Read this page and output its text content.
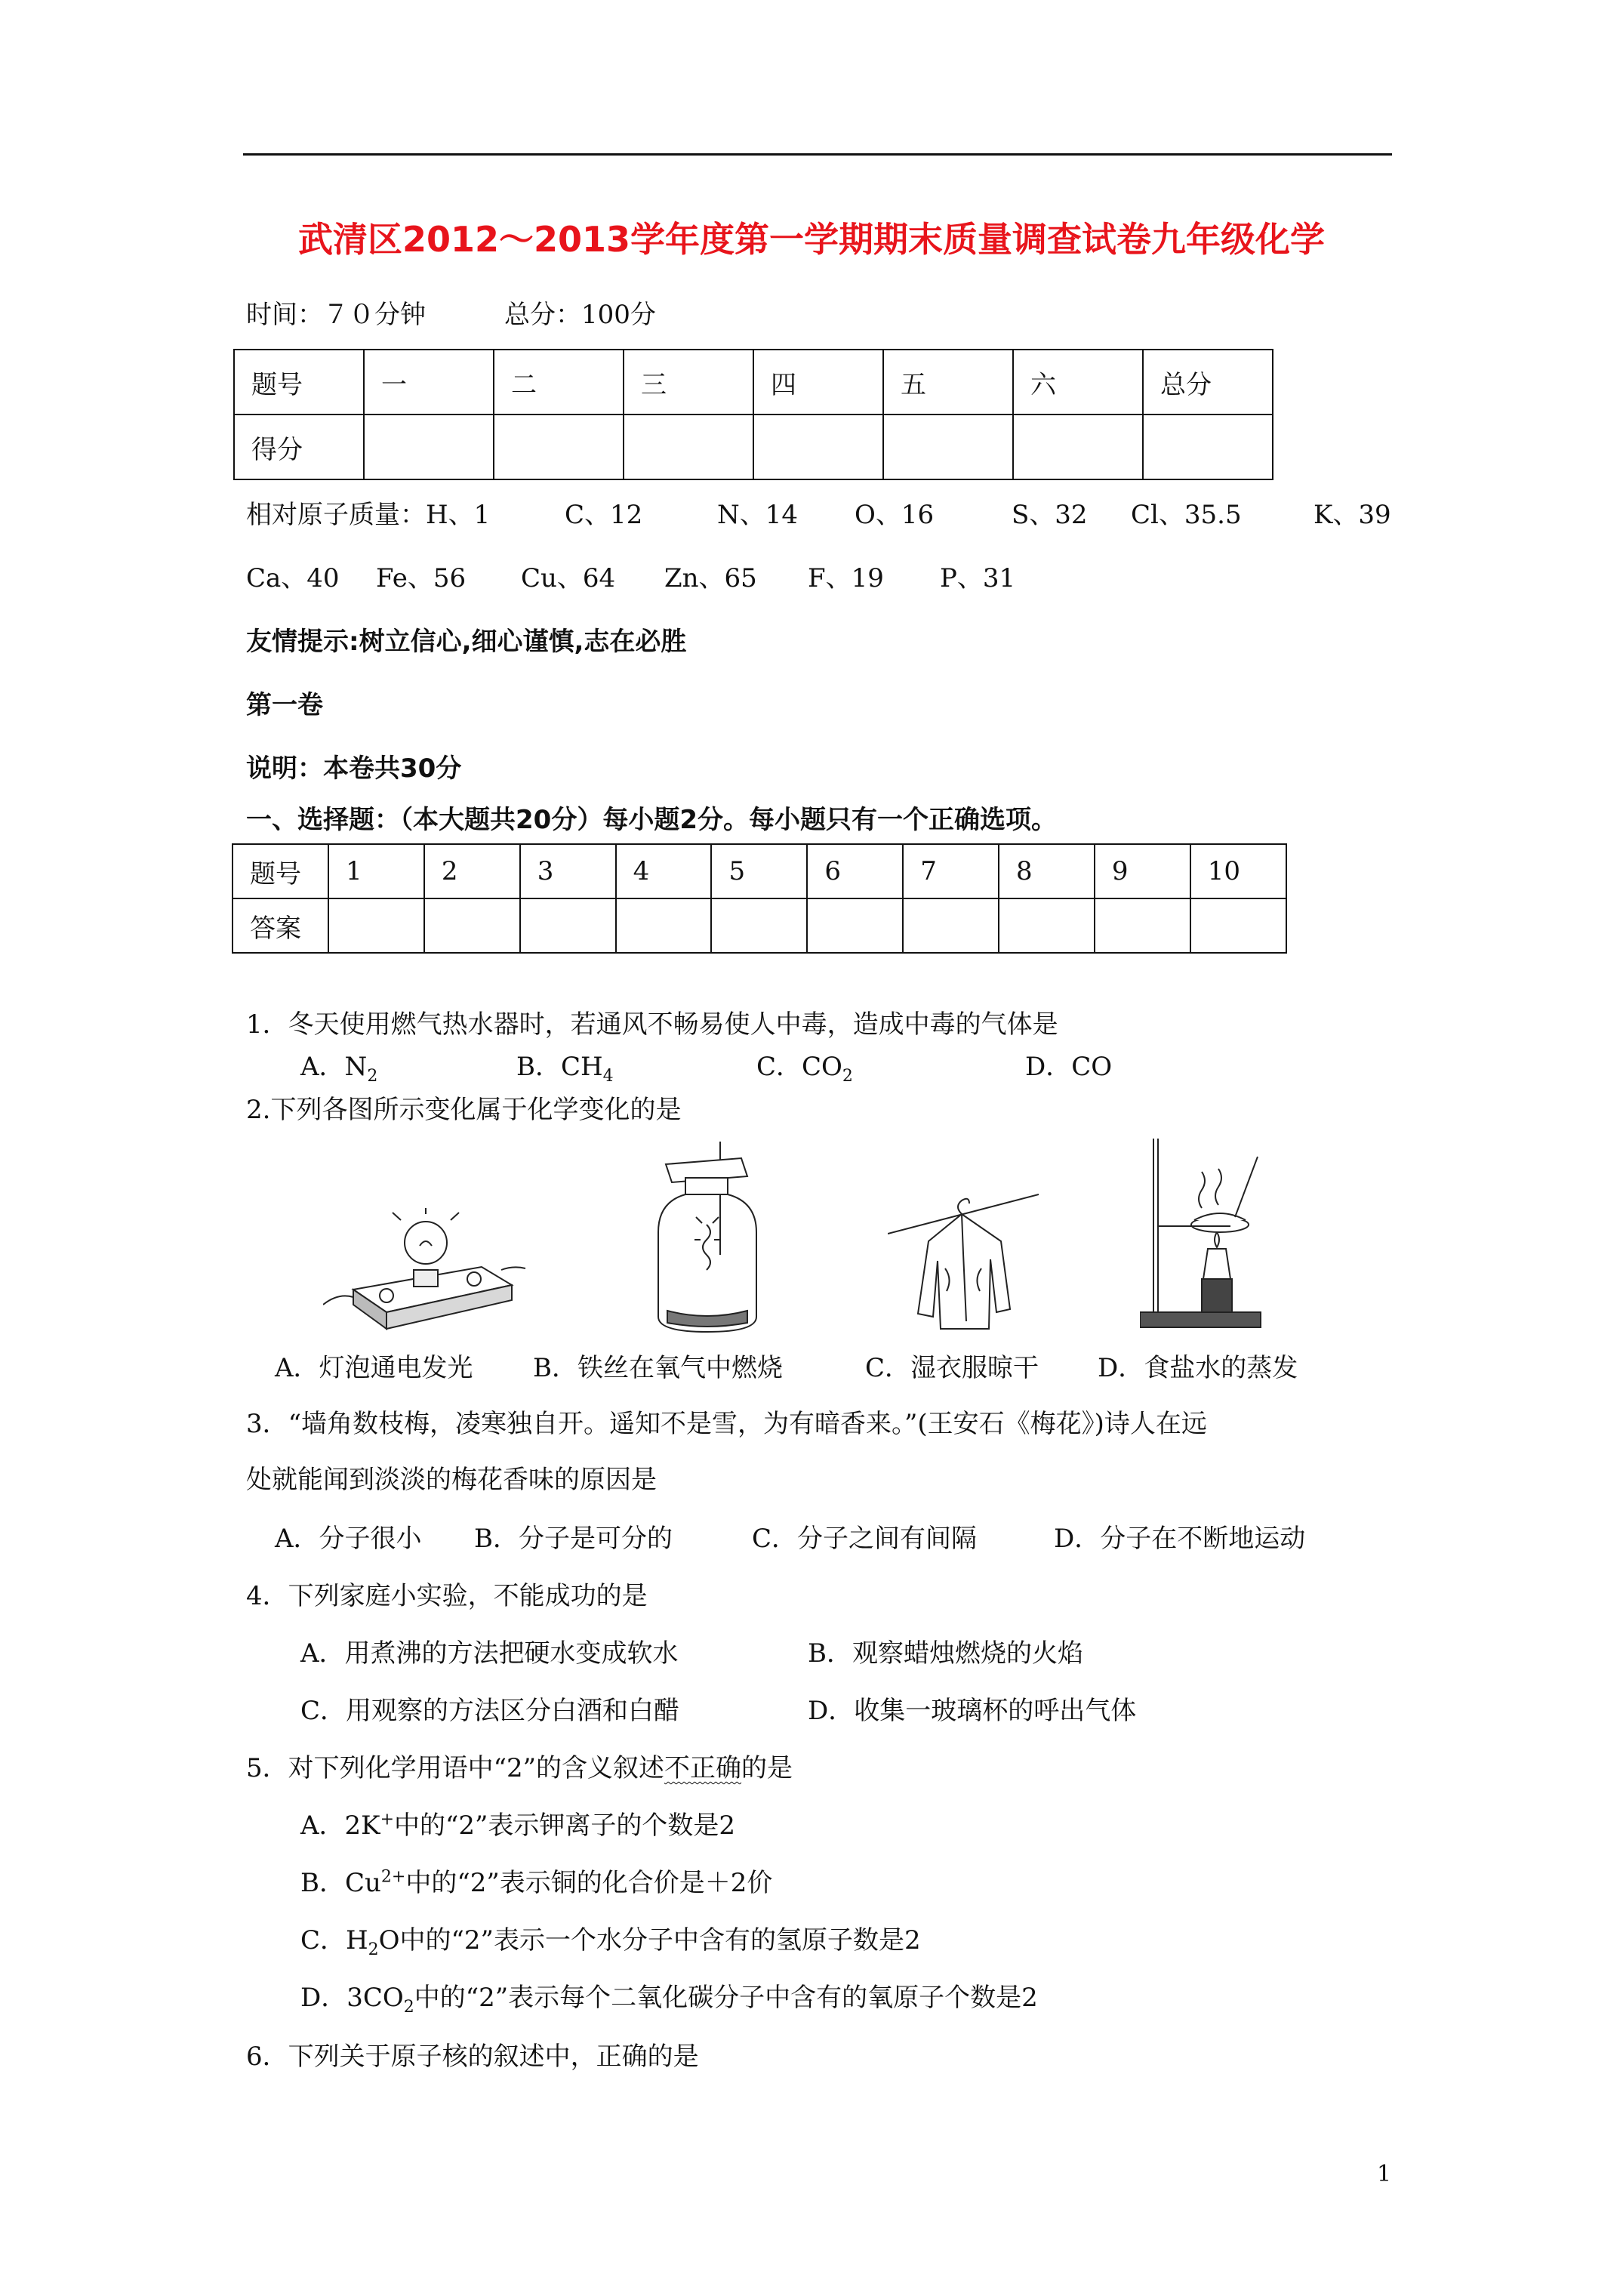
武清区2012～2013学年度第一学期期末质量调查试卷九年级化学
时间：７０分钟	总分：100分
题号	一	二	三	四	五	六	总分
得分							
相对原子质量：H、1	C、12	N、14 O、16	S、32 Cl、35.5	K、39
Ca、40 Fe、56 Cu、64 Zn、65 F、19 P、31
友情提示:树立信心,细心谨慎,志在必胜
第一卷
说明：本卷共30分
一、选择题：（本大题共20分）每小题2分。每小题只有一个正确选项。
题号	1	2	3	4	5	6	7	8	9	10
答案										
1．冬天使用燃气热水器时，若通风不畅易使人中毒，造成中毒的气体是
A．$N_2$	B．$CH_4$	C．$CO_2$	D．CO
2.下列各图所示变化属于化学变化的是
A．灯泡通电发光 B．铁丝在氧气中燃烧	C．湿衣服晾干 D．食盐水的蒸发
3．“墙角数枝梅，凌寒独自开。遥知不是雪，为有暗香来。”(王安石《梅花》)诗人在远
处就能闻到淡淡的梅花香味的原因是
A．分子很小 B．分子是可分的	C．分子之间有间隔	D．分子在不断地运动
4．下列家庭小实验，不能成功的是
A．用煮沸的方法把硬水变成软水	B．观察蜡烛燃烧的火焰
C．用观察的方法区分白酒和白醋	D．收集一玻璃杯的呼出气体
5．对下列化学用语中“2”的含义叙述不正确的是
A．2K+中的“2”表示钾离子的个数是2
B．$Cu^{2+}$中的“2”表示铜的化合价是＋2价
C．$H_2O$中的“2”表示一个水分子中含有的氢原子数是2
D．$3CO_2$中的“2”表示每个二氧化碳分子中含有的氧原子个数是2
6．下列关于原子核的叙述中，正确的是
1
